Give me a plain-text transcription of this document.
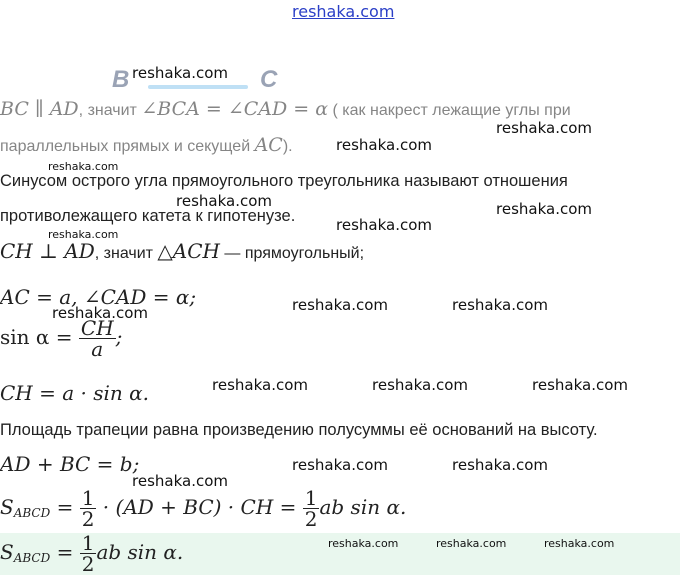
reshaka.com
B	C
BC ∥ AD, значит ∠BCA = ∠CAD = α ( как накрест лежащие углы при
параллельных прямых и секущей AC).
Синусом острого угла прямоугольного треугольника называют отношения
противолежащего катета к гипотенузе.
CH ⊥ AD, значит △ACH — прямоугольный;
AC = a, ∠CAD = α;
$\sin \alpha = \frac{CH}{a}$ ;
CH = a · sin α.
Площадь трапеции равна произведению полусуммы её оснований на высоту.
AD + BC = b;
$S_{ABCD} = \frac{1}{2} \cdot (AD + BC)$ · CH = $\frac{1}{2}$ ab sin α.
$S_{ABCD} = \frac{1}{2}$ ab sin α.
reshaka.com
reshaka.com
reshaka.com
reshaka.com
reshaka.com	reshaka.com
reshaka.com
reshaka.com
reshaka.com	reshaka.com
reshaka.com
reshaka.com	reshaka.com	reshaka.com
reshaka.com	reshaka.com
reshaka.com
reshaka.com	reshaka.com	reshaka.com
